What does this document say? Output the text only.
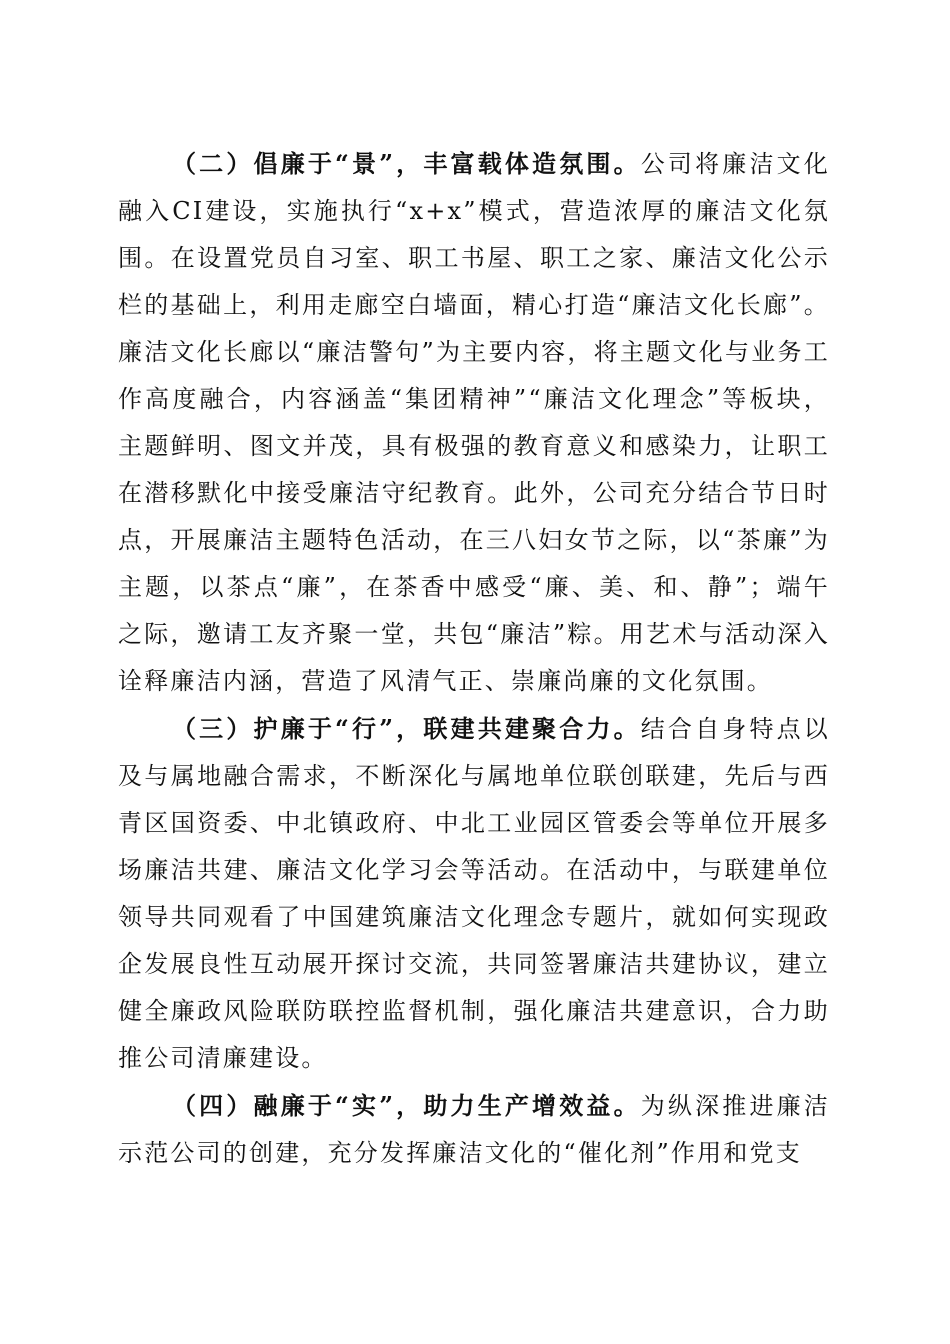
（二）倡廉于“景”，丰富载体造氛围。公司将廉洁文化融入CI建设，实施执行“x+x”模式，营造浓厚的廉洁文化氛围。在设置党员自习室、职工书屋、职工之家、廉洁文化公示栏的基础上，利用走廊空白墙面，精心打造“廉洁文化长廊”。廉洁文化长廊以“廉洁警句”为主要内容，将主题文化与业务工作高度融合，内容涵盖“集团精神”“廉洁文化理念”等板块，主题鲜明、图文并茂，具有极强的教育意义和感染力，让职工在潜移默化中接受廉洁守纪教育。此外，公司充分结合节日时点，开展廉洁主题特色活动，在三八妇女节之际，以“茶廉”为主题，以茶点“廉”，在茶香中感受“廉、美、和、静”；端午之际，邀请工友齐聚一堂，共包“廉洁”粽。用艺术与活动深入诠释廉洁内涵，营造了风清气正、崇廉尚廉的文化氛围。

（三）护廉于“行”，联建共建聚合力。结合自身特点以及与属地融合需求，不断深化与属地单位联创联建，先后与西青区国资委、中北镇政府、中北工业园区管委会等单位开展多场廉洁共建、廉洁文化学习会等活动。在活动中，与联建单位领导共同观看了中国建筑廉洁文化理念专题片，就如何实现政企发展良性互动展开探讨交流，共同签署廉洁共建协议，建立健全廉政风险联防联控监督机制，强化廉洁共建意识，合力助推公司清廉建设。

（四）融廉于“实”，助力生产增效益。为纵深推进廉洁示范公司的创建，充分发挥廉洁文化的“催化剂”作用和党支
